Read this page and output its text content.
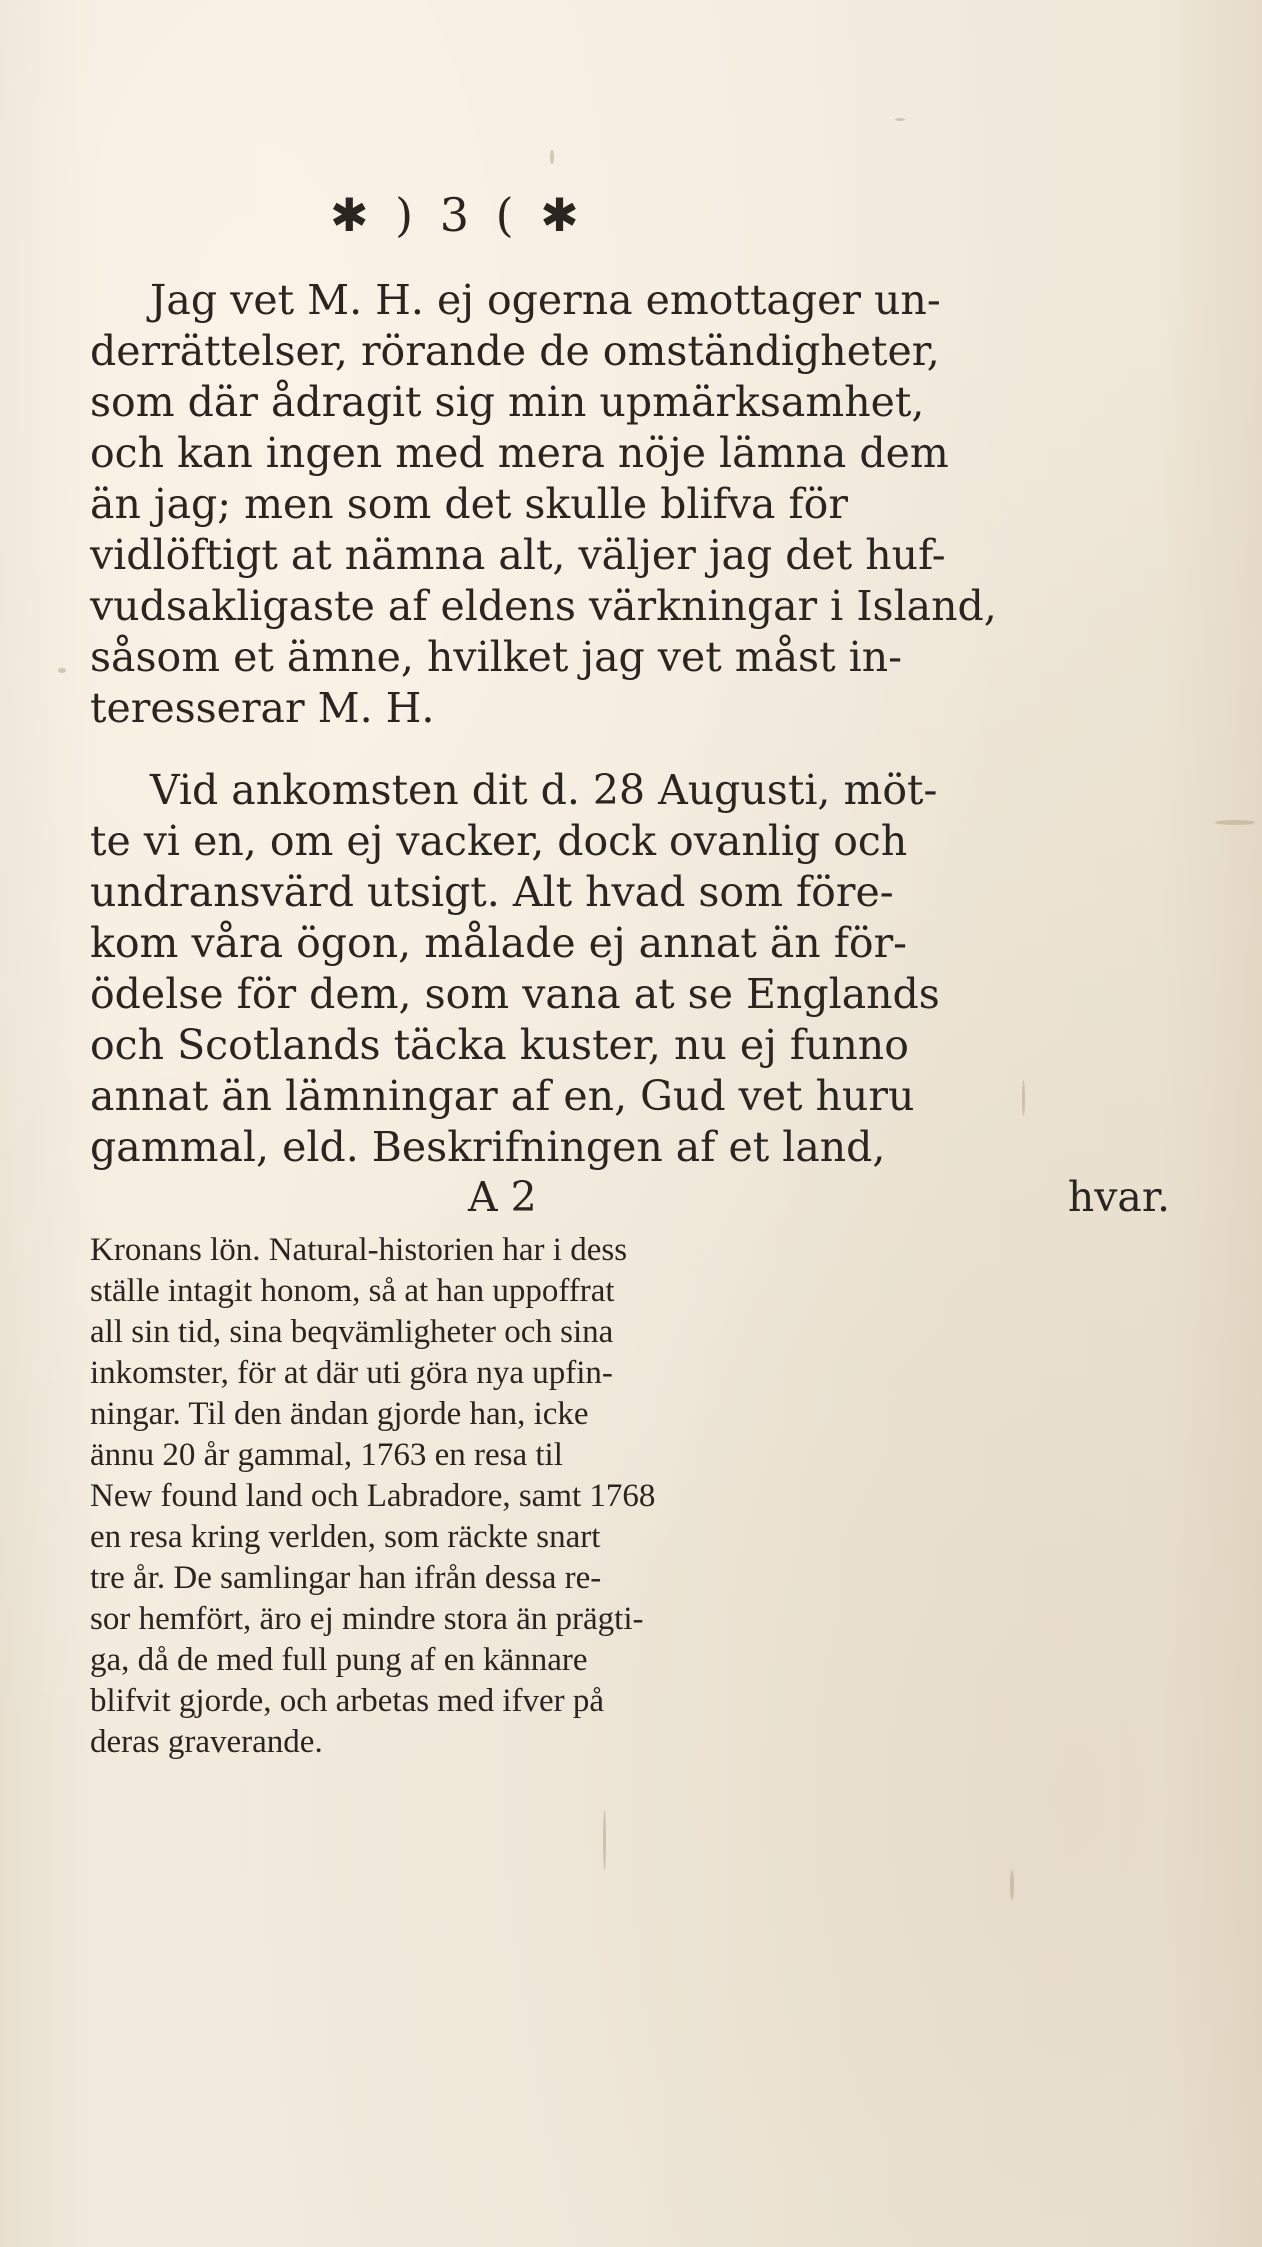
✱ ) 3 ( ✱
Jag vet M. H. ej ogerna emottager un-
derrättelser, rörande de omständigheter,
som där ådragit sig min upmärksamhet,
och kan ingen med mera nöje lämna dem
än jag; men som det skulle blifva för
vidlöftigt at nämna alt, väljer jag det huf-
vudsakligaste af eldens värkningar i Island,
såsom et ämne, hvilket jag vet måst in-
teresserar M. H.
Vid ankomsten dit d. 28 Augusti, möt-
te vi en, om ej vacker, dock ovanlig och
undransvärd utsigt. Alt hvad som före-
kom våra ögon, målade ej annat än för-
ödelse för dem, som vana at se Englands
och Scotlands täcka kuster, nu ej funno
annat än lämningar af en, Gud vet huru
gammal, eld. Beskrifningen af et land,
A 2	hvar.
Kronans lön. Natural-historien har i dess
ställe intagit honom, så at han uppoffrat
all sin tid, sina beqvämligheter och sina
inkomster, för at där uti göra nya upfin-
ningar. Til den ändan gjorde han, icke
ännu 20 år gammal, 1763 en resa til
New found land och Labradore, samt 1768
en resa kring verlden, som räckte snart
tre år. De samlingar han ifrån dessa re-
sor hemfört, äro ej mindre stora än prägti-
ga, då de med full pung af en kännare
blifvit gjorde, och arbetas med ifver på
deras graverande.
